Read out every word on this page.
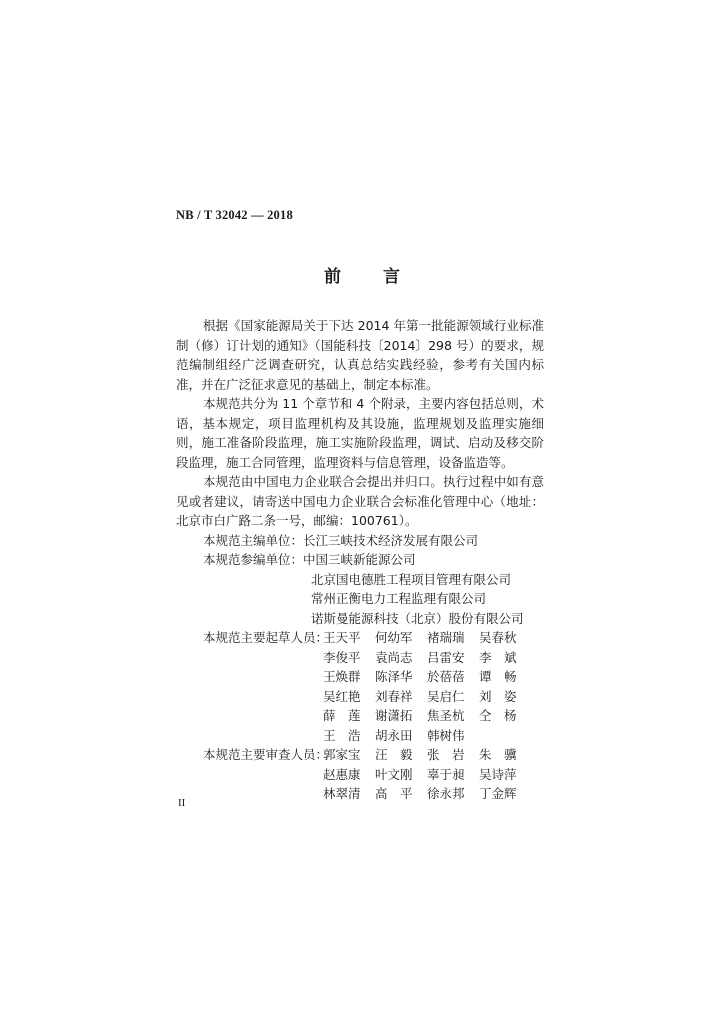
NB / T 32042 — 2018
前言

根据《国家能源局关于下达 2014 年第一批能源领域行业标准制（修）订计划的通知》（国能科技〔2014〕298 号）的要求，规范编制组经广泛调查研究，认真总结实践经验，参考有关国内标准，并在广泛征求意见的基础上，制定本标准。

本规范共分为 11 个章节和 4 个附录，主要内容包括总则，术语，基本规定，项目监理机构及其设施，监理规划及监理实施细则，施工准备阶段监理，施工实施阶段监理，调试、启动及移交阶段监理，施工合同管理，监理资料与信息管理，设备监造等。

本规范由中国电力企业联合会提出并归口。执行过程中如有意见或者建议，请寄送中国电力企业联合会标准化管理中心（地址：北京市白广路二条一号，邮编：100761）。

本规范主编单位：长江三峡技术经济发展有限公司

本规范参编单位：中国三峡新能源公司

北京国电德胜工程项目管理有限公司

常州正衡电力工程监理有限公司

诺斯曼能源科技（北京）股份有限公司

本规范主要起草人员：
王天平	何幼军	褚瑞瑞	吴春秋
李俊平	袁尚志	吕雷安	李　斌
王焕群	陈泽华	於蓓蓓	谭　畅
吴红艳	刘春祥	吴启仁	刘　姿
薛　莲	谢潇拓	焦圣杭	仝　杨
王　浩	胡永田	韩树伟
本规范主要审查人员：
郭家宝	汪　毅	张　岩	朱　骥
赵惠康	叶文刚	辜于昶	吴诗萍
林翠清	高　平	徐永邦	丁金辉
II
